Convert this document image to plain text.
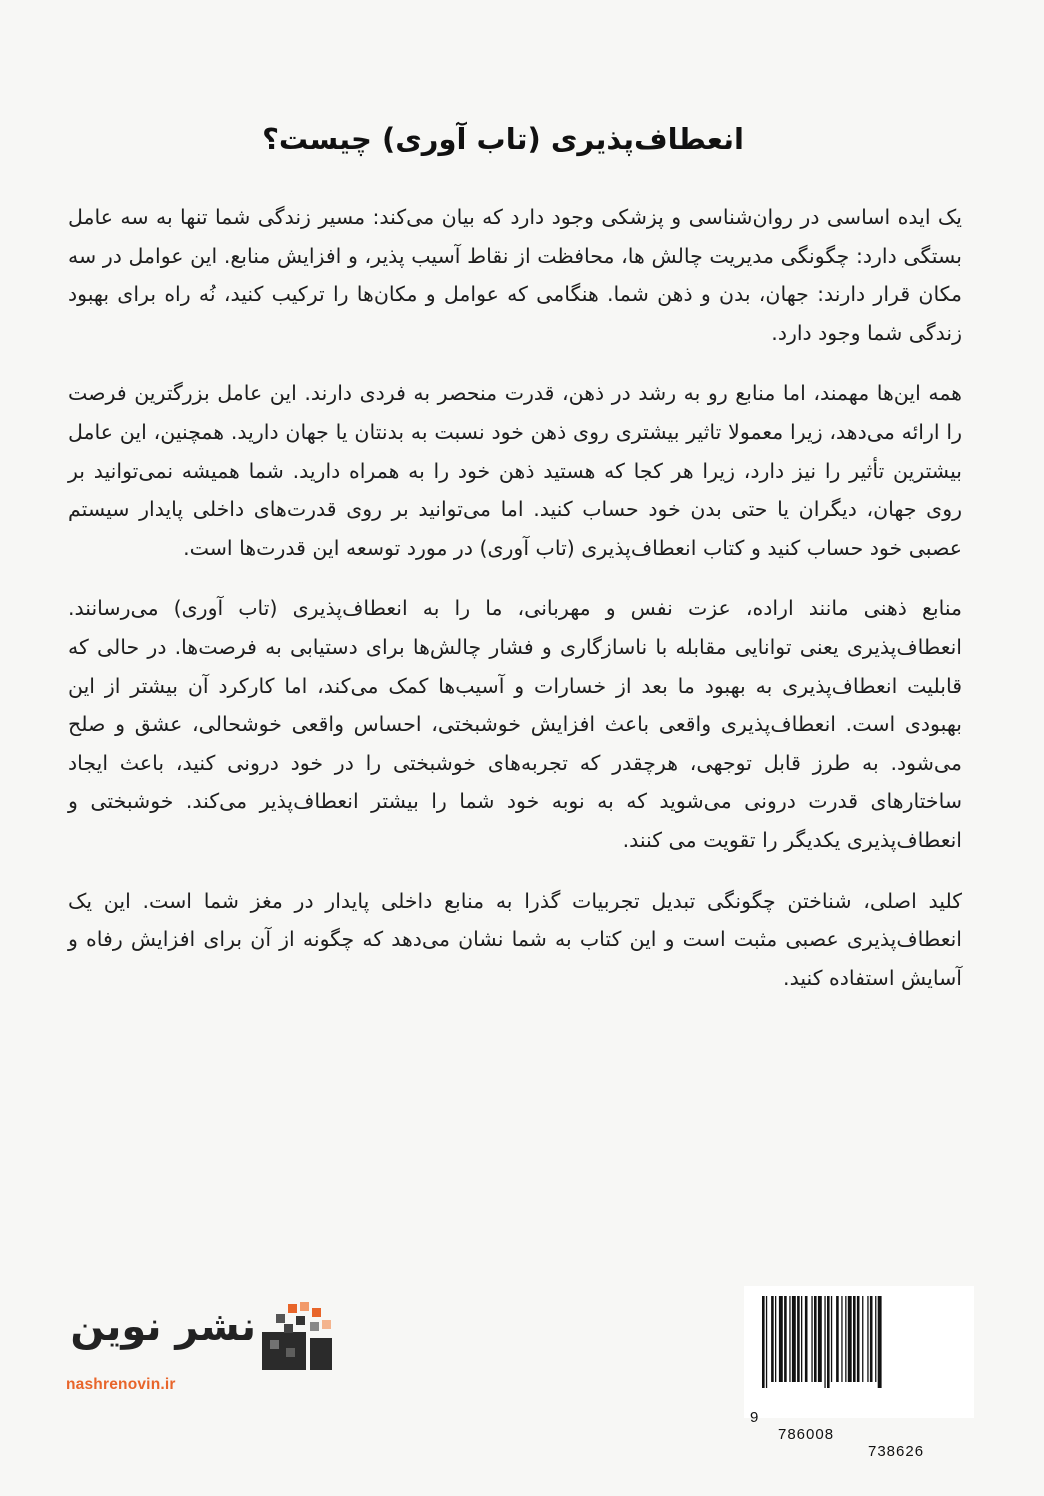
انعطاف‌پذیری (تاب آوری) چیست؟

یک ایده اساسی در روان‌شناسی و پزشکی وجود دارد که بیان می‌کند: مسیر زندگی شما تنها به سه عامل بستگی دارد: چگونگی مدیریت چالش ها، محافظت از نقاط آسیب پذیر، و افزایش منابع. این عوامل در سه مکان قرار دارند: جهان، بدن و ذهن شما. هنگامی که عوامل و مکان‌ها را ترکیب کنید، نُه راه برای بهبود زندگی شما وجود دارد.

همه این‌ها مهمند، اما منابع رو به رشد در ذهن، قدرت منحصر به فردی دارند. این عامل بزرگترین فرصت را ارائه می‌دهد، زیرا معمولا تاثیر بیشتری روی ذهن خود نسبت به بدنتان یا جهان دارید. همچنین، این عامل بیشترین تأثیر را نیز دارد، زیرا هر کجا که هستید ذهن خود را به همراه دارید. شما همیشه نمی‌توانید بر روی جهان، دیگران یا حتی بدن خود حساب کنید. اما می‌توانید بر روی قدرت‌های داخلی پایدار سیستم عصبی خود حساب کنید و کتاب انعطاف‌پذیری (تاب آوری) در مورد توسعه این قدرت‌ها است.

منابع ذهنی مانند اراده، عزت نفس و مهربانی، ما را به انعطاف‌پذیری (تاب آوری) می‌رسانند. انعطاف‌پذیری یعنی توانایی مقابله با ناسازگاری و فشار چالش‌ها برای دستیابی به فرصت‌ها. در حالی که قابلیت انعطاف‌پذیری به بهبود ما بعد از خسارات و آسیب‌ها کمک می‌کند، اما کارکرد آن بیشتر از این بهبودی است. انعطاف‌پذیری واقعی باعث افزایش خوشبختی، احساس واقعی خوشحالی، عشق و صلح می‌شود. به طرز قابل توجهی، هرچقدر که تجربه‌های خوشبختی را در خود درونی کنید، باعث ایجاد ساختارهای قدرت درونی می‌شوید که به نوبه خود شما را بیشتر انعطاف‌پذیر می‌کند. خوشبختی و انعطاف‌پذیری یکدیگر را تقویت می کنند.

کلید اصلی، شناختن چگونگی تبدیل تجربیات گذرا به منابع داخلی پایدار در مغز شما است. این یک انعطاف‌پذیری عصبی مثبت است و این کتاب به شما نشان می‌دهد که چگونه از آن برای افزایش رفاه و آسایش استفاده کنید.

نشر نوین
nashrenovin.ir

9

786008

738626
